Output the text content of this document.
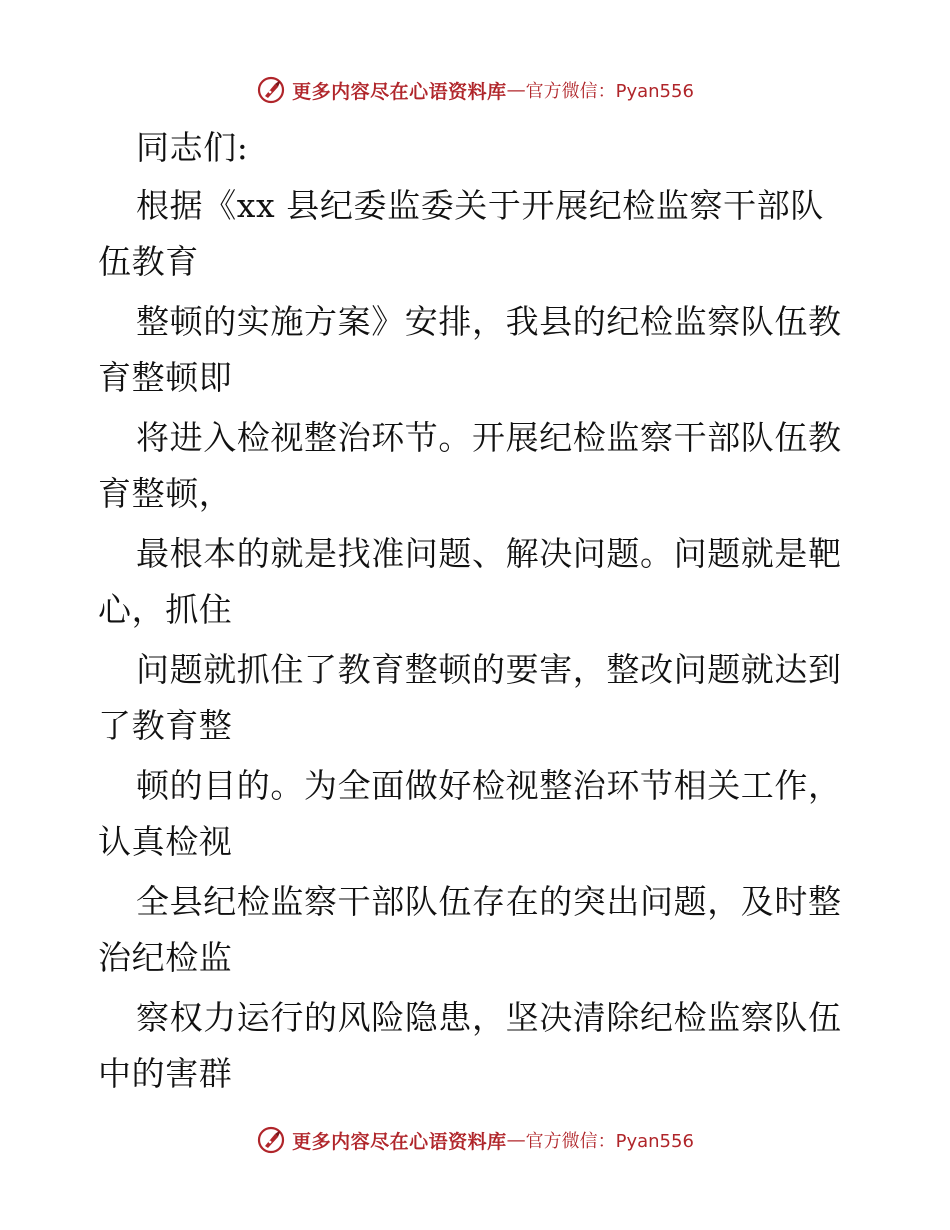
更多内容尽在心语资料库 — 官方微信：Pyan556
同志们:
根据《xx 县纪委监委关于开展纪检监察干部队
伍教育
整顿的实施方案》安排，我县的纪检监察队伍教
育整顿即
将进入检视整治环节。开展纪检监察干部队伍教
育整顿，
最根本的就是找准问题、解决问题。问题就是靶
心，抓住
问题就抓住了教育整顿的要害，整改问题就达到
了教育整
顿的目的。为全面做好检视整治环节相关工作，
认真检视
全县纪检监察干部队伍存在的突出问题，及时整
治纪检监
察权力运行的风险隐患，坚决清除纪检监察队伍
中的害群
更多内容尽在心语资料库 — 官方微信：Pyan556
